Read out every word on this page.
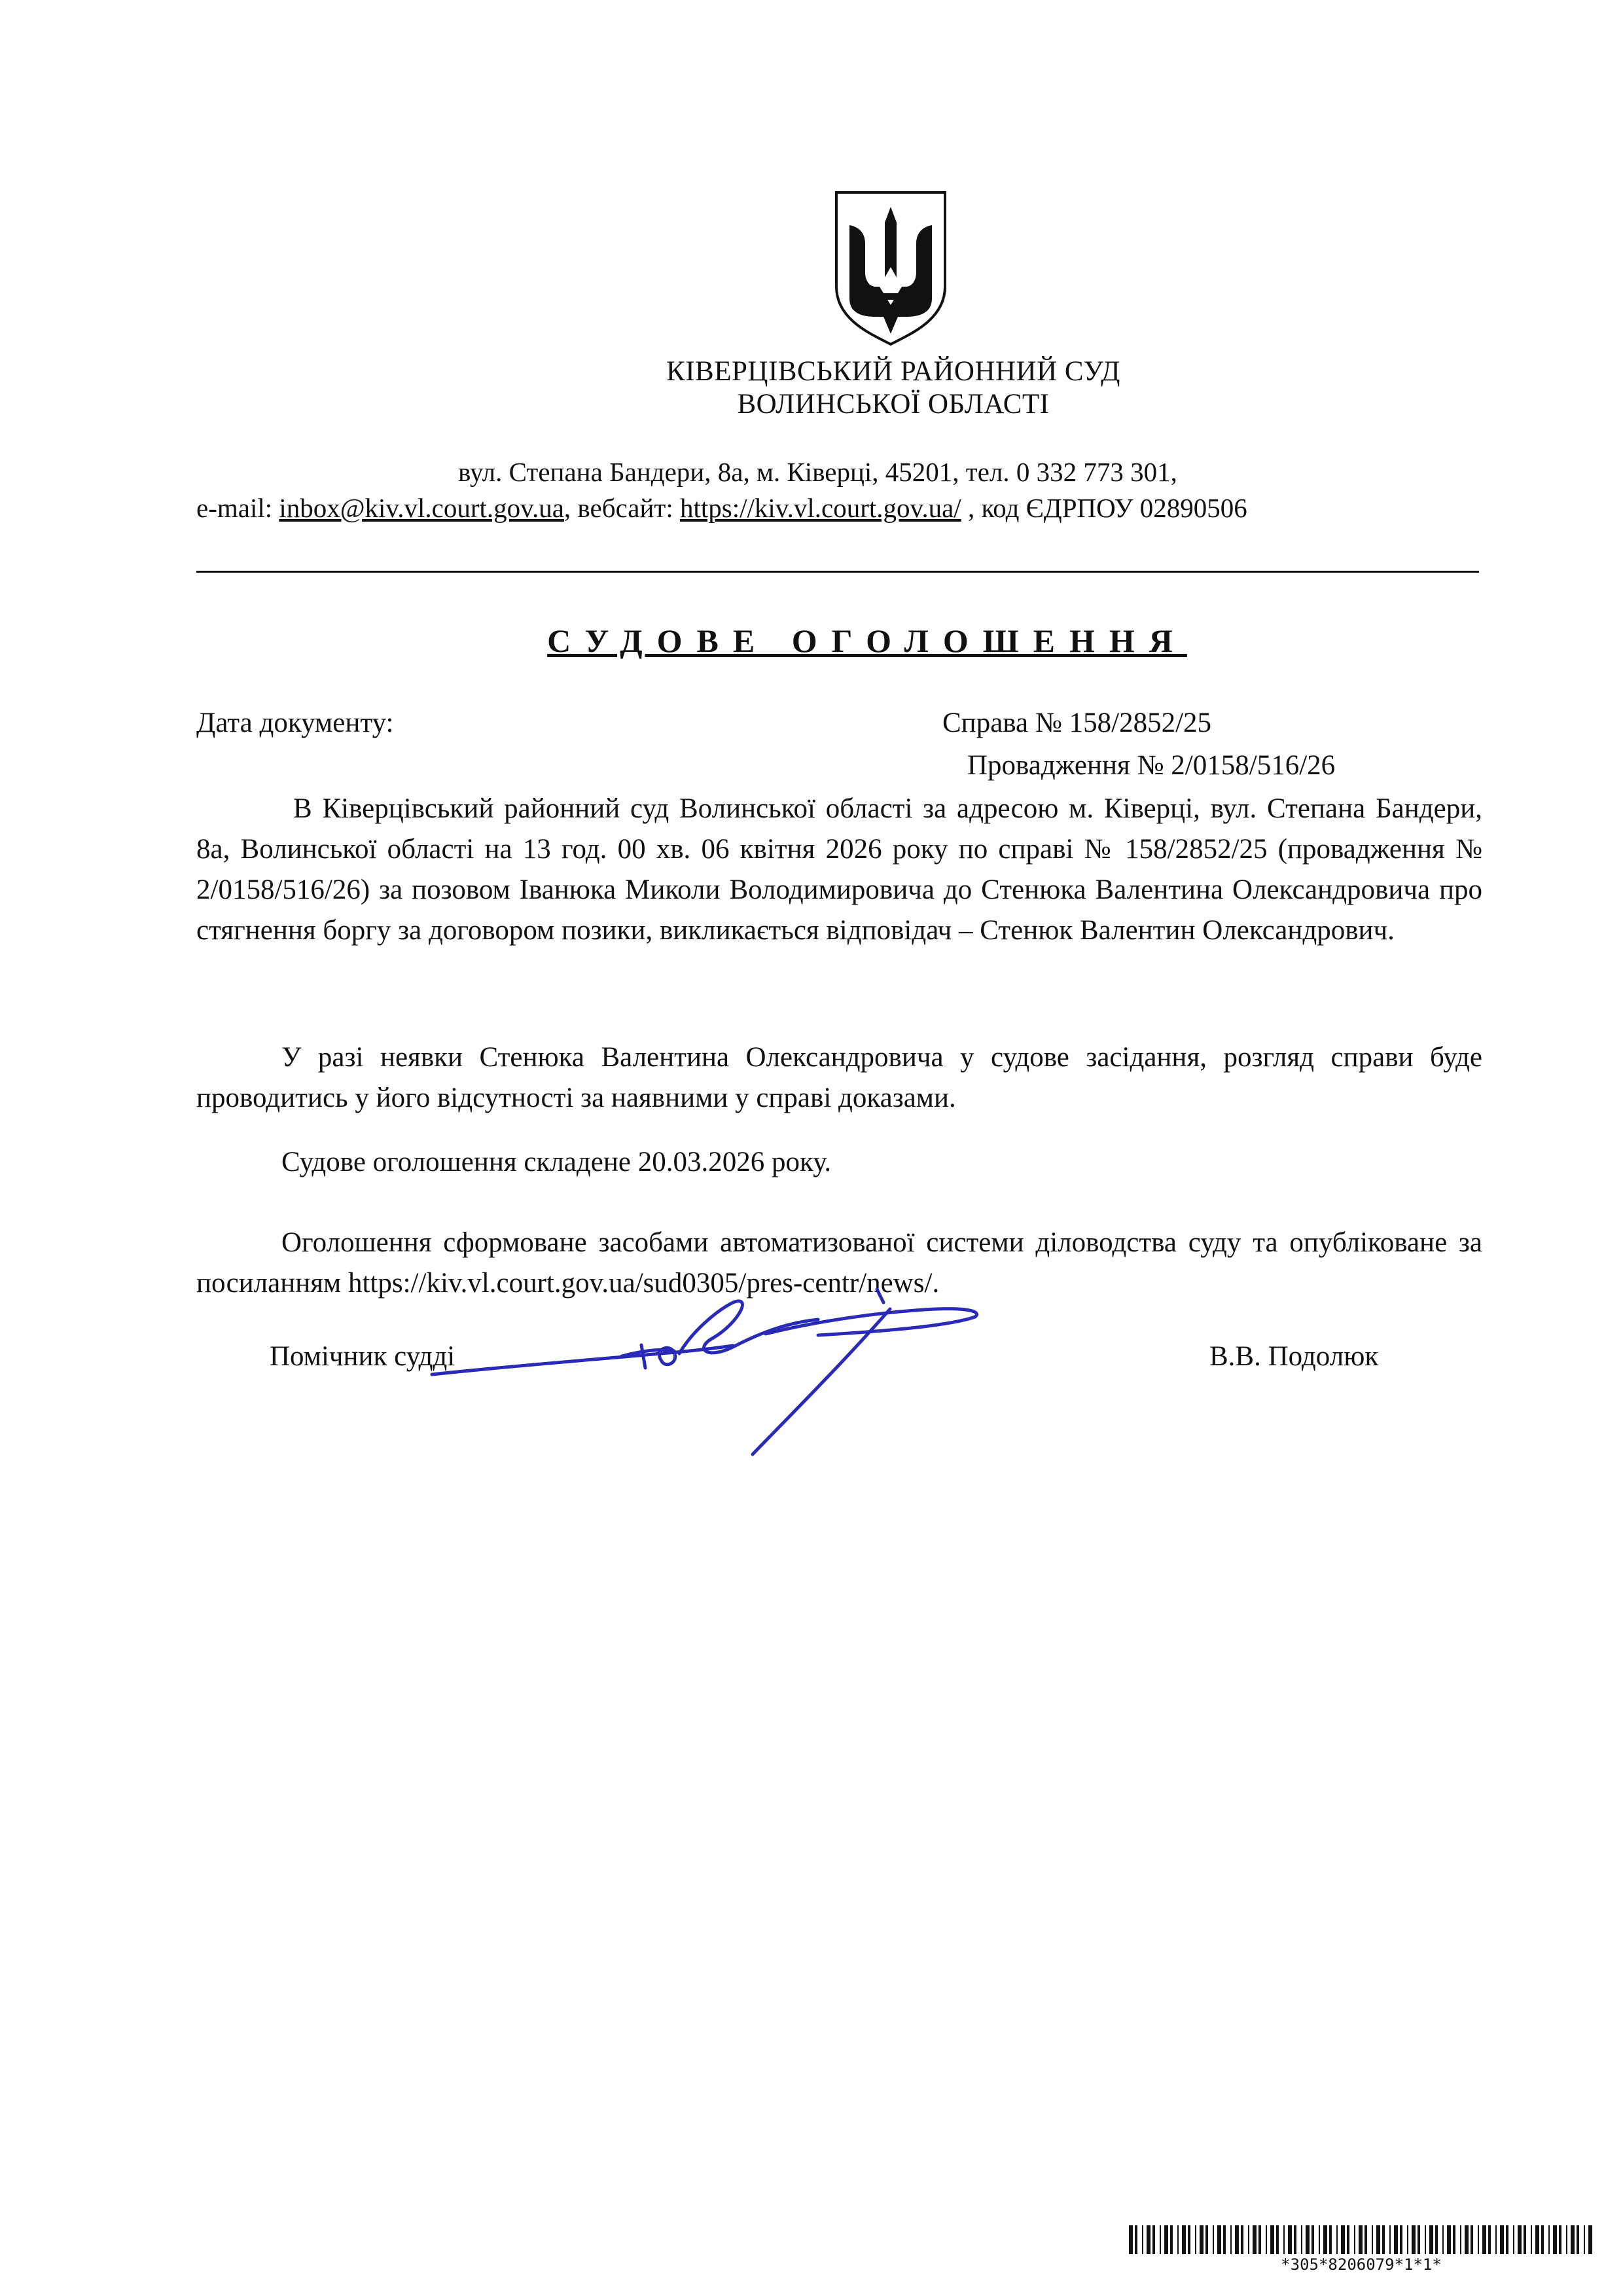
КІВЕРЦІВСЬКИЙ РАЙОННИЙ СУД
ВОЛИНСЬКОЇ ОБЛАСТІ
вул. Степана Бандери, 8а, м. Ківерці, 45201, тел. 0 332 773 301,
e-mail: inbox@kiv.vl.court.gov.ua, вебсайт: https://kiv.vl.court.gov.ua/ , код ЄДРПОУ 02890506
СУДОВЕ ОГОЛОШЕННЯ
Дата документу:	Справа № 158/2852/25
Провадження № 2/0158/516/26

В Ківерцівський районний суд Волинської області за адресою м. Ківерці, вул. Степана Бандери, 8а, Волинської області на 13 год. 00 хв. 06 квітня 2026 року по справі № 158/2852/25 (провадження № 2/0158/516/26) за позовом Іванюка Миколи Володимировича до Стенюка Валентина Олександровича про стягнення боргу за договором позики, викликається відповідач – Стенюк Валентин Олександрович.

У разі неявки Стенюка Валентина Олександровича у судове засідання, розгляд справи буде проводитись у його відсутності за наявними у справі доказами.

Судове оголошення складене 20.03.2026 року.

Оголошення сформоване засобами автоматизованої системи діловодства суду та опубліковане за посиланням https://kiv.vl.court.gov.ua/sud0305/pres-centr/news/.

Помічник судді	В.В. Подолюк
*305*8206079*1*1*
